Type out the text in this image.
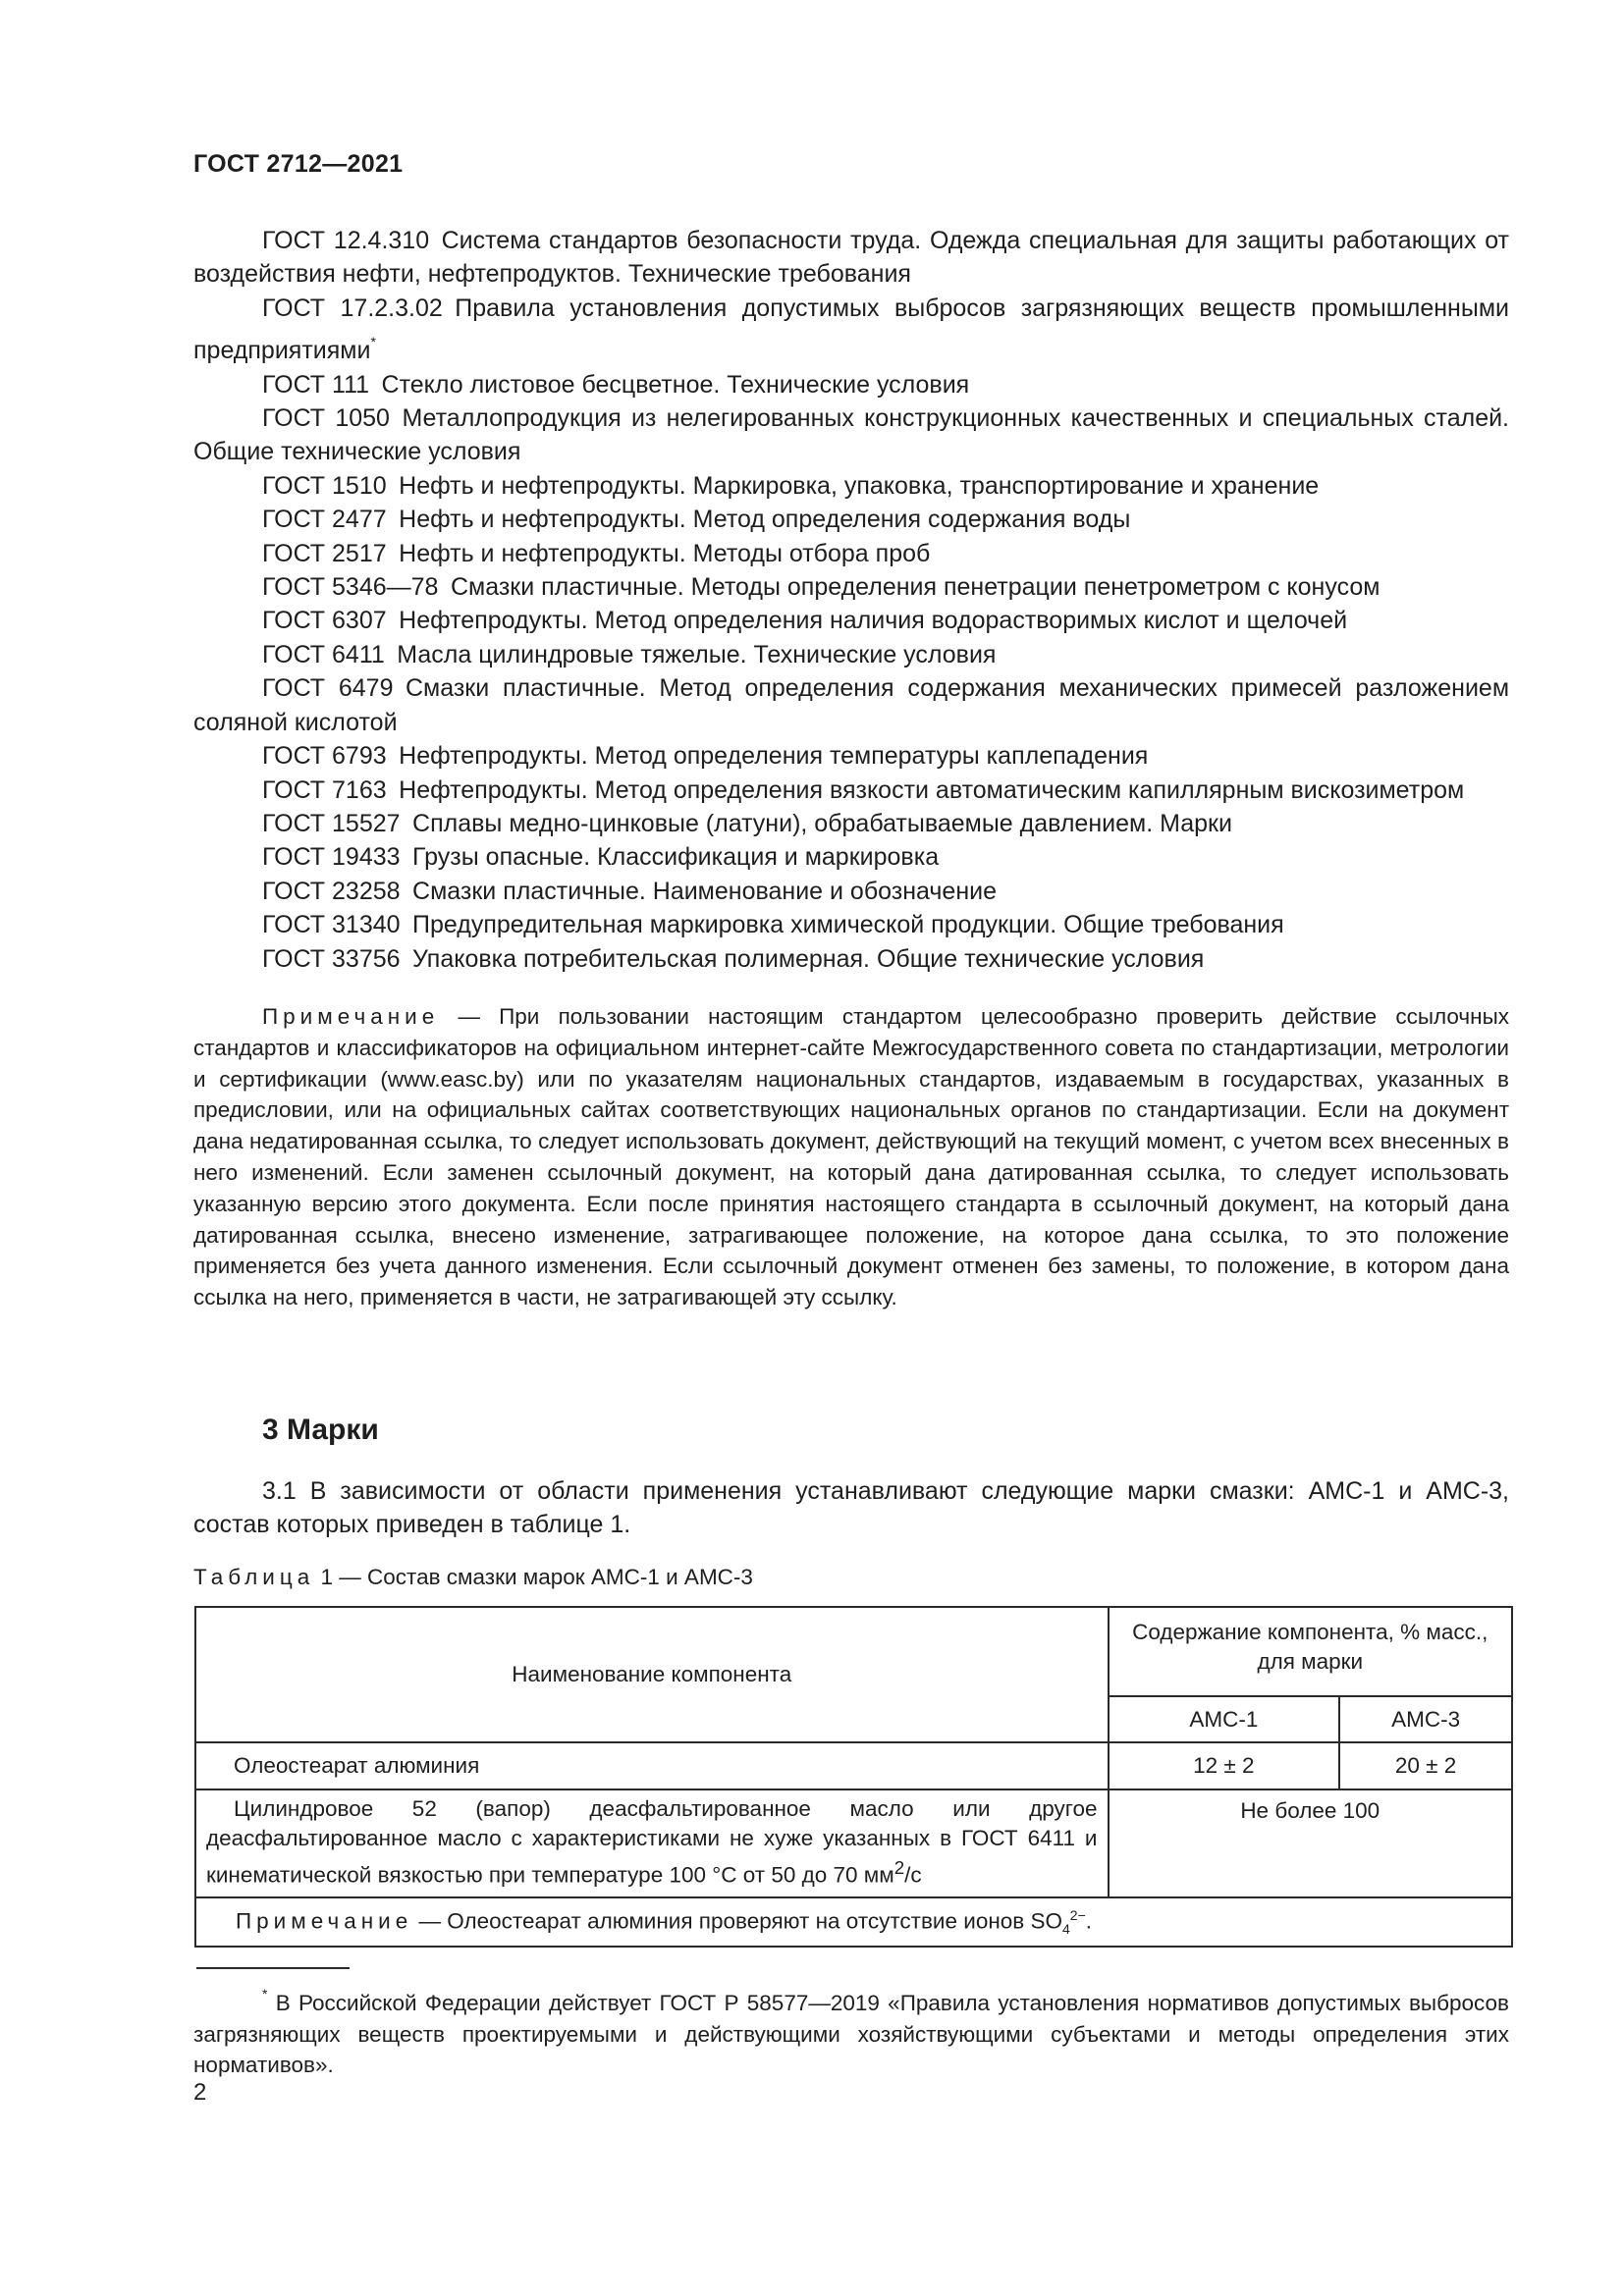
ГОСТ 2712—2021

ГОСТ 12.4.310  Система стандартов безопасности труда. Одежда специальная для защиты работающих от воздействия нефти, нефтепродуктов. Технические требования

ГОСТ 17.2.3.02  Правила установления допустимых выбросов загрязняющих веществ промышленными предприятиями*

ГОСТ 111  Стекло листовое бесцветное. Технические условия

ГОСТ 1050  Металлопродукция из нелегированных конструкционных качественных и специальных сталей. Общие технические условия

ГОСТ 1510  Нефть и нефтепродукты. Маркировка, упаковка, транспортирование и хранение

ГОСТ 2477  Нефть и нефтепродукты. Метод определения содержания воды

ГОСТ 2517  Нефть и нефтепродукты. Методы отбора проб

ГОСТ 5346—78  Смазки пластичные. Методы определения пенетрации пенетрометром с конусом

ГОСТ 6307  Нефтепродукты. Метод определения наличия водорастворимых кислот и щелочей

ГОСТ 6411  Масла цилиндровые тяжелые. Технические условия

ГОСТ 6479  Смазки пластичные. Метод определения содержания механических примесей разложением соляной кислотой

ГОСТ 6793  Нефтепродукты. Метод определения температуры каплепадения

ГОСТ 7163  Нефтепродукты. Метод определения вязкости автоматическим капиллярным вискозиметром

ГОСТ 15527  Сплавы медно-цинковые (латуни), обрабатываемые давлением. Марки

ГОСТ 19433  Грузы опасные. Классификация и маркировка

ГОСТ 23258  Смазки пластичные. Наименование и обозначение

ГОСТ 31340  Предупредительная маркировка химической продукции. Общие требования

ГОСТ 33756  Упаковка потребительская полимерная. Общие технические условия

Примечание — При пользовании настоящим стандартом целесообразно проверить действие ссылочных стандартов и классификаторов на официальном интернет-сайте Межгосударственного совета по стандартизации, метрологии и сертификации (www.easc.by) или по указателям национальных стандартов, издаваемым в государствах, указанных в предисловии, или на официальных сайтах соответствующих национальных органов по стандартизации. Если на документ дана недатированная ссылка, то следует использовать документ, действующий на текущий момент, с учетом всех внесенных в него изменений. Если заменен ссылочный документ, на который дана датированная ссылка, то следует использовать указанную версию этого документа. Если после принятия настоящего стандарта в ссылочный документ, на который дана датированная ссылка, внесено изменение, затрагивающее положение, на которое дана ссылка, то это положение применяется без учета данного изменения. Если ссылочный документ отменен без замены, то положение, в котором дана ссылка на него, применяется в части, не затрагивающей эту ссылку.

3 Марки

3.1 В зависимости от области применения устанавливают следующие марки смазки: АМС-1 и АМС-3, состав которых приведен в таблице 1.

Таблица 1 — Состав смазки марок АМС-1 и АМС-3
Наименование компонента	Содержание компонента, % масс., для марки	
	АМС-1	АМС-3
Олеостеарат алюминия	12 ± 2	20 ± 2
Цилиндровое 52 (вапор) деасфальтированное масло или другое деасфальтированное масло с характеристиками не хуже указанных в ГОСТ 6411 и кинематической вязкостью при температуре 100 °С от 50 до 70 $мм^2/с$	Не более 100	
Примечание — Олеостеарат алюминия проверяют на отсутствие ионов $SO_4^{2-}$.		

* В Российской Федерации действует ГОСТ Р 58577—2019 «Правила установления нормативов допустимых выбросов загрязняющих веществ проектируемыми и действующими хозяйствующими субъектами и методы определения этих нормативов».

2
